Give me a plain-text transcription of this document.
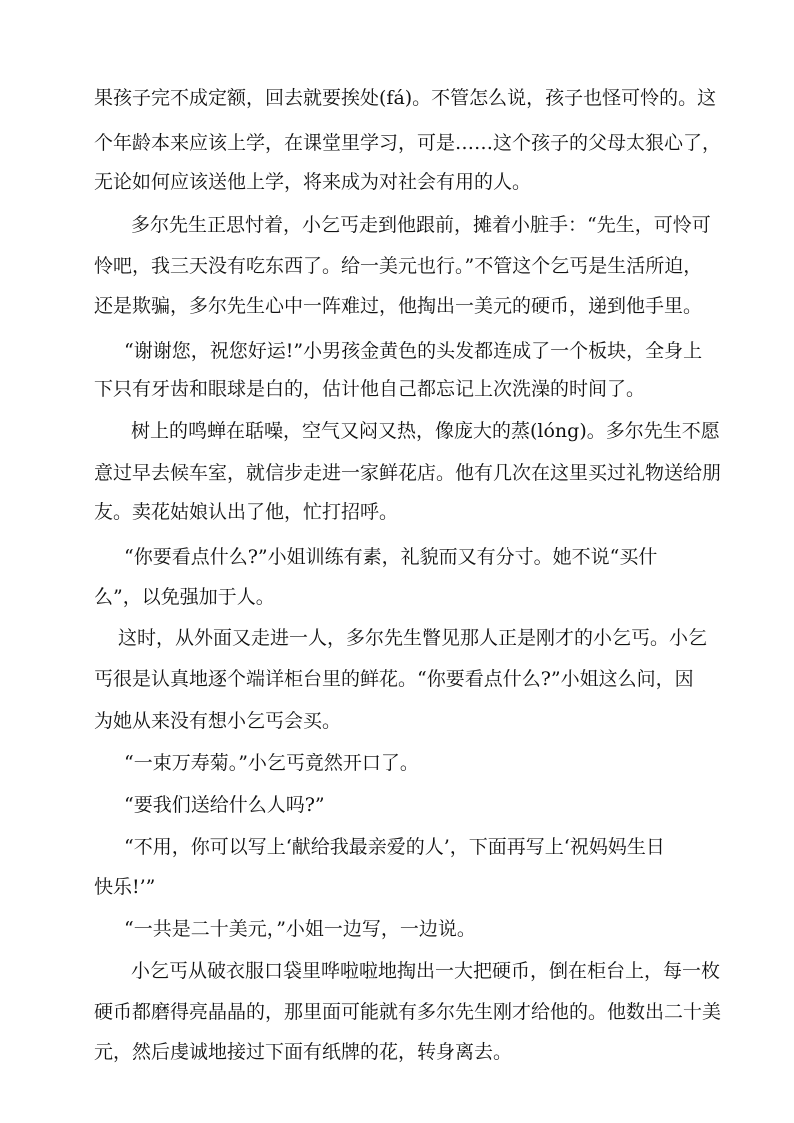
果孩子完不成定额，回去就要挨处(fá)。不管怎么说，孩子也怪可怜的。这
个年龄本来应该上学，在课堂里学习，可是……这个孩子的父母太狠心了，
无论如何应该送他上学，将来成为对社会有用的人。
多尔先生正思忖着，小乞丐走到他跟前，摊着小脏手：“先生，可怜可
怜吧，我三天没有吃东西了。给一美元也行。”不管这个乞丐是生活所迫，
还是欺骗，多尔先生心中一阵难过，他掏出一美元的硬币，递到他手里。
“谢谢您，祝您好运!”小男孩金黄色的头发都连成了一个板块，全身上
下只有牙齿和眼球是白的，估计他自己都忘记上次洗澡的时间了。
树上的鸣蝉在聒噪，空气又闷又热，像庞大的蒸(lóng)。多尔先生不愿
意过早去候车室，就信步走进一家鲜花店。他有几次在这里买过礼物送给朋
友。卖花姑娘认出了他，忙打招呼。
“你要看点什么?”小姐训练有素，礼貌而又有分寸。她不说“买什
么”，以免强加于人。
这时，从外面又走进一人，多尔先生瞥见那人正是刚才的小乞丐。小乞
丐很是认真地逐个端详柜台里的鲜花。“你要看点什么?”小姐这么问，因
为她从来没有想小乞丐会买。
“一束万寿菊。”小乞丐竟然开口了。
“要我们送给什么人吗?”
“不用，你可以写上‘献给我最亲爱的人’，下面再写上‘祝妈妈生日
快乐!’”
“一共是二十美元，”小姐一边写，一边说。
小乞丐从破衣服口袋里哗啦啦地掏出一大把硬币，倒在柜台上，每一枚
硬币都磨得亮晶晶的，那里面可能就有多尔先生刚才给他的。他数出二十美
元，然后虔诚地接过下面有纸牌的花，转身离去。
